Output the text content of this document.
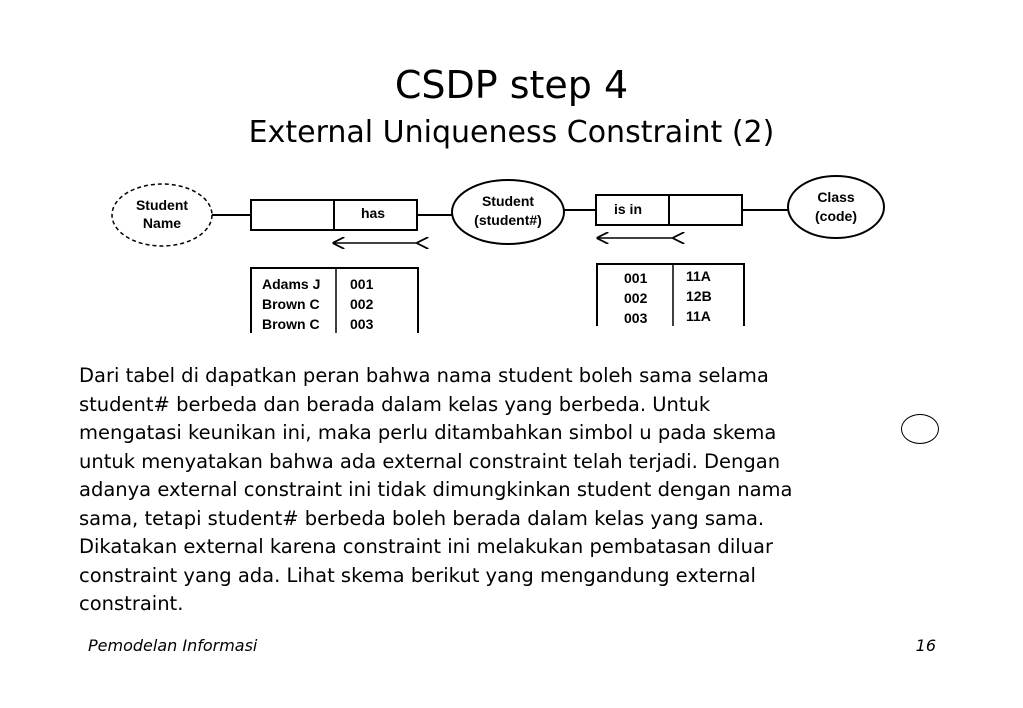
CSDP step 4
External Uniqueness Constraint (2)
Student
Name
has
Student
(student#)
is in
Class
(code)
Adams J 001
Brown C 002
Brown C 003
001	11A
002	12B
003	11A

Dari tabel di dapatkan peran bahwa nama student boleh sama selama

student# berbeda dan berada dalam kelas yang berbeda. Untuk

mengatasi keunikan ini, maka perlu ditambahkan simbol u pada skema

untuk menyatakan bahwa ada external constraint telah terjadi. Dengan

adanya external constraint ini tidak dimungkinkan student dengan nama

sama, tetapi student# berbeda boleh berada dalam kelas yang sama.

Dikatakan external karena constraint ini melakukan pembatasan diluar

constraint yang ada. Lihat skema berikut yang mengandung external

constraint.

Pemodelan Informasi	16
